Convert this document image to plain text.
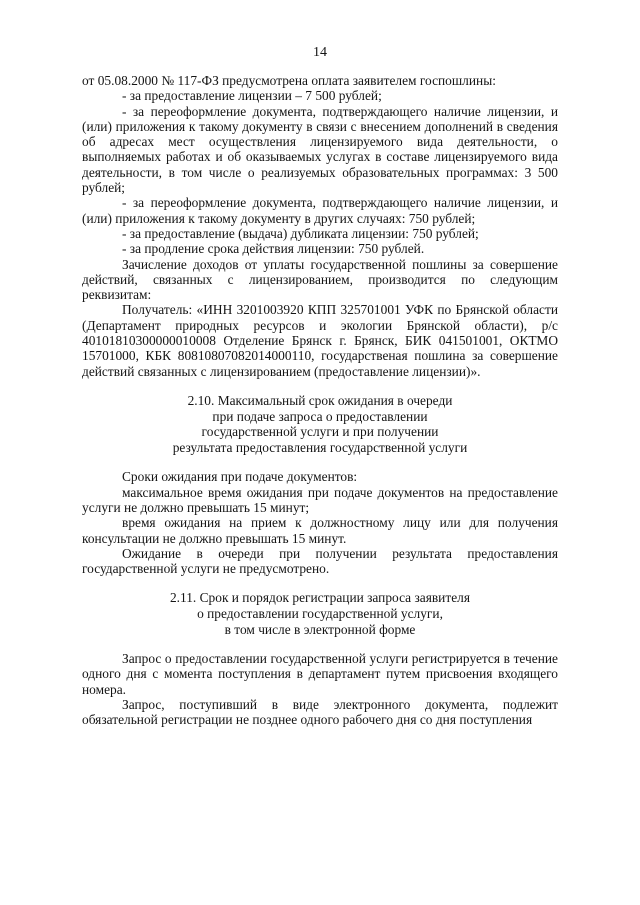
14

от 05.08.2000 № 117-ФЗ предусмотрена оплата заявителем госпошлины:

- за предоставление лицензии – 7 500 рублей;

- за переоформление документа, подтверждающего наличие лицензии, и (или) приложения к такому документу в связи с внесением дополнений в сведения об адресах мест осуществления лицензируемого вида деятельности, о выполняемых работах и об оказываемых услугах в составе лицензируемого вида деятельности, в том числе о реализуемых образовательных программах: 3 500 рублей;

- за переоформление документа, подтверждающего наличие лицензии, и (или) приложения к такому документу в других случаях: 750 рублей;

- за предоставление (выдача) дубликата лицензии: 750 рублей;

- за продление срока действия лицензии: 750 рублей.

Зачисление доходов от уплаты государственной пошлины за совершение действий, связанных с лицензированием, производится по следующим реквизитам:

Получатель: «ИНН 3201003920 КПП 325701001 УФК по Брянской области (Департамент природных ресурсов и экологии Брянской области), р/с 40101810300000010008 Отделение Брянск г. Брянск, БИК 041501001, ОКТМО 15701000, КБК 80810807082014000110, государственая пошлина за совершение действий связанных с лицензированием (предоставление лицензии)».

2.10. Максимальный срок ожидания в очереди
при подаче запроса о предоставлении
государственной услуги и при получении
результата предоставления государственной услуги

Сроки ожидания при подаче документов:

максимальное время ожидания при подаче документов на предоставление услуги не должно превышать 15 минут;

время ожидания на прием к должностному лицу или для получения консультации не должно превышать 15 минут.

Ожидание в очереди при получении результата предоставления государственной услуги не предусмотрено.

2.11. Срок и порядок регистрации запроса заявителя
о предоставлении государственной услуги,
в том числе в электронной форме

Запрос о предоставлении государственной услуги регистрируется в течение одного дня с момента поступления в департамент путем присвоения входящего номера.

Запрос, поступивший в виде электронного документа, подлежит обязательной регистрации не позднее одного рабочего дня со дня поступления
